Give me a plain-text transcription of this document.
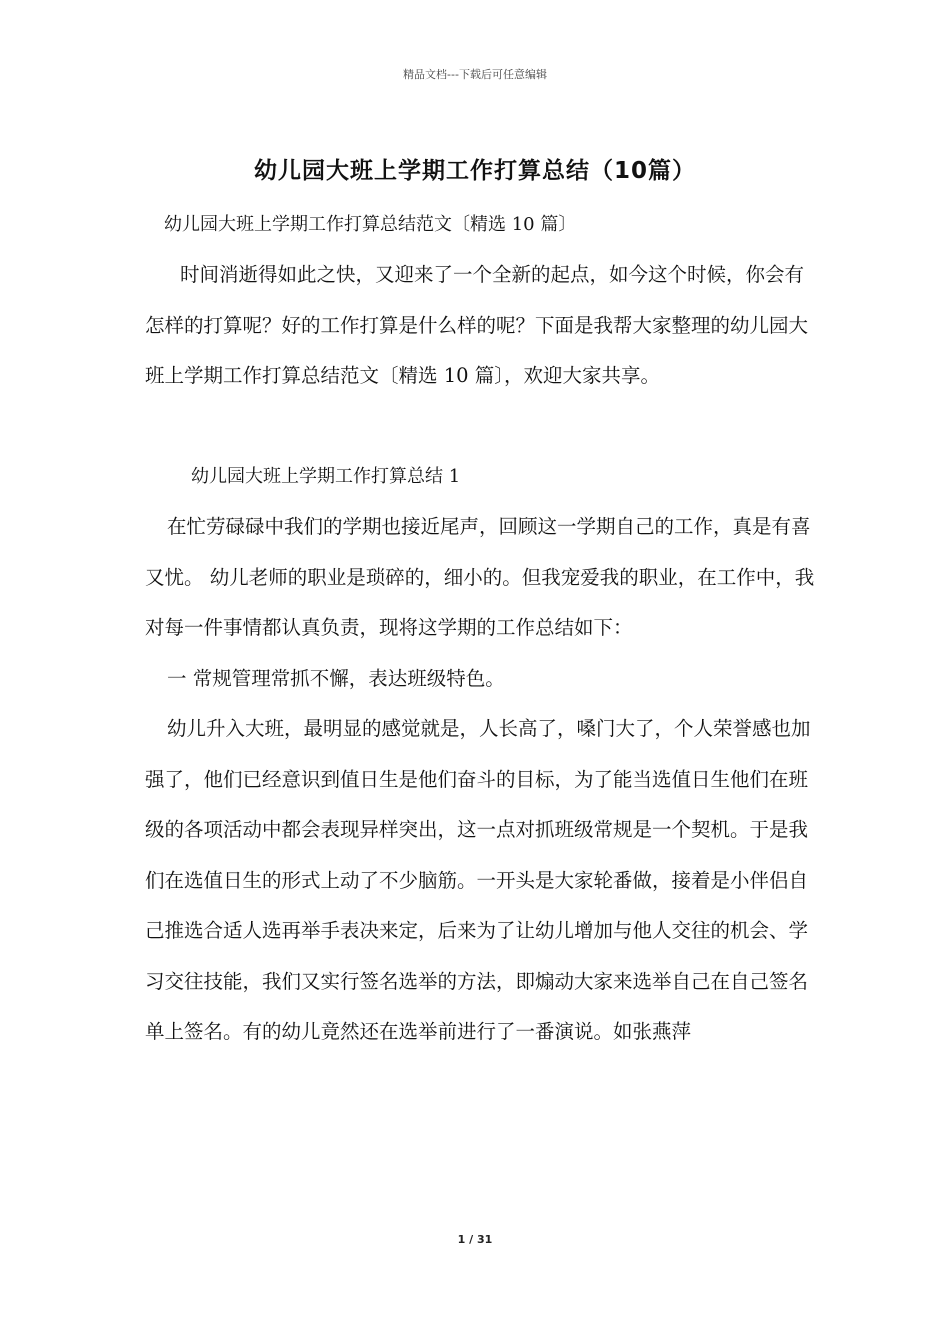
精品文档---下载后可任意编辑
幼儿园大班上学期工作打算总结（10篇）
幼儿园大班上学期工作打算总结范文〔精选 10 篇〕

时间消逝得如此之快，又迎来了一个全新的起点，如今这个时候，你会有怎样的打算呢？好的工作打算是什么样的呢？下面是我帮大家整理的幼儿园大班上学期工作打算总结范文〔精选 10 篇〕，欢迎大家共享。

幼儿园大班上学期工作打算总结 1

在忙劳碌碌中我们的学期也接近尾声，回顾这一学期自己的工作，真是有喜又忧。 幼儿老师的职业是琐碎的，细小的。但我宠爱我的职业，在工作中，我对每一件事情都认真负责，现将这学期的工作总结如下：

一 常规管理常抓不懈，表达班级特色。

幼儿升入大班，最明显的感觉就是，人长高了，嗓门大了，个人荣誉感也加强了，他们已经意识到值日生是他们奋斗的目标，为了能当选值日生他们在班级的各项活动中都会表现异样突出，这一点对抓班级常规是一个契机。于是我们在选值日生的形式上动了不少脑筋。一开头是大家轮番做，接着是小伴侣自己推选合适人选再举手表决来定，后来为了让幼儿增加与他人交往的机会、学习交往技能，我们又实行签名选举的方法，即煽动大家来选举自己在自己签名单上签名。有的幼儿竟然还在选举前进行了一番演说。如张燕萍

1 / 31
